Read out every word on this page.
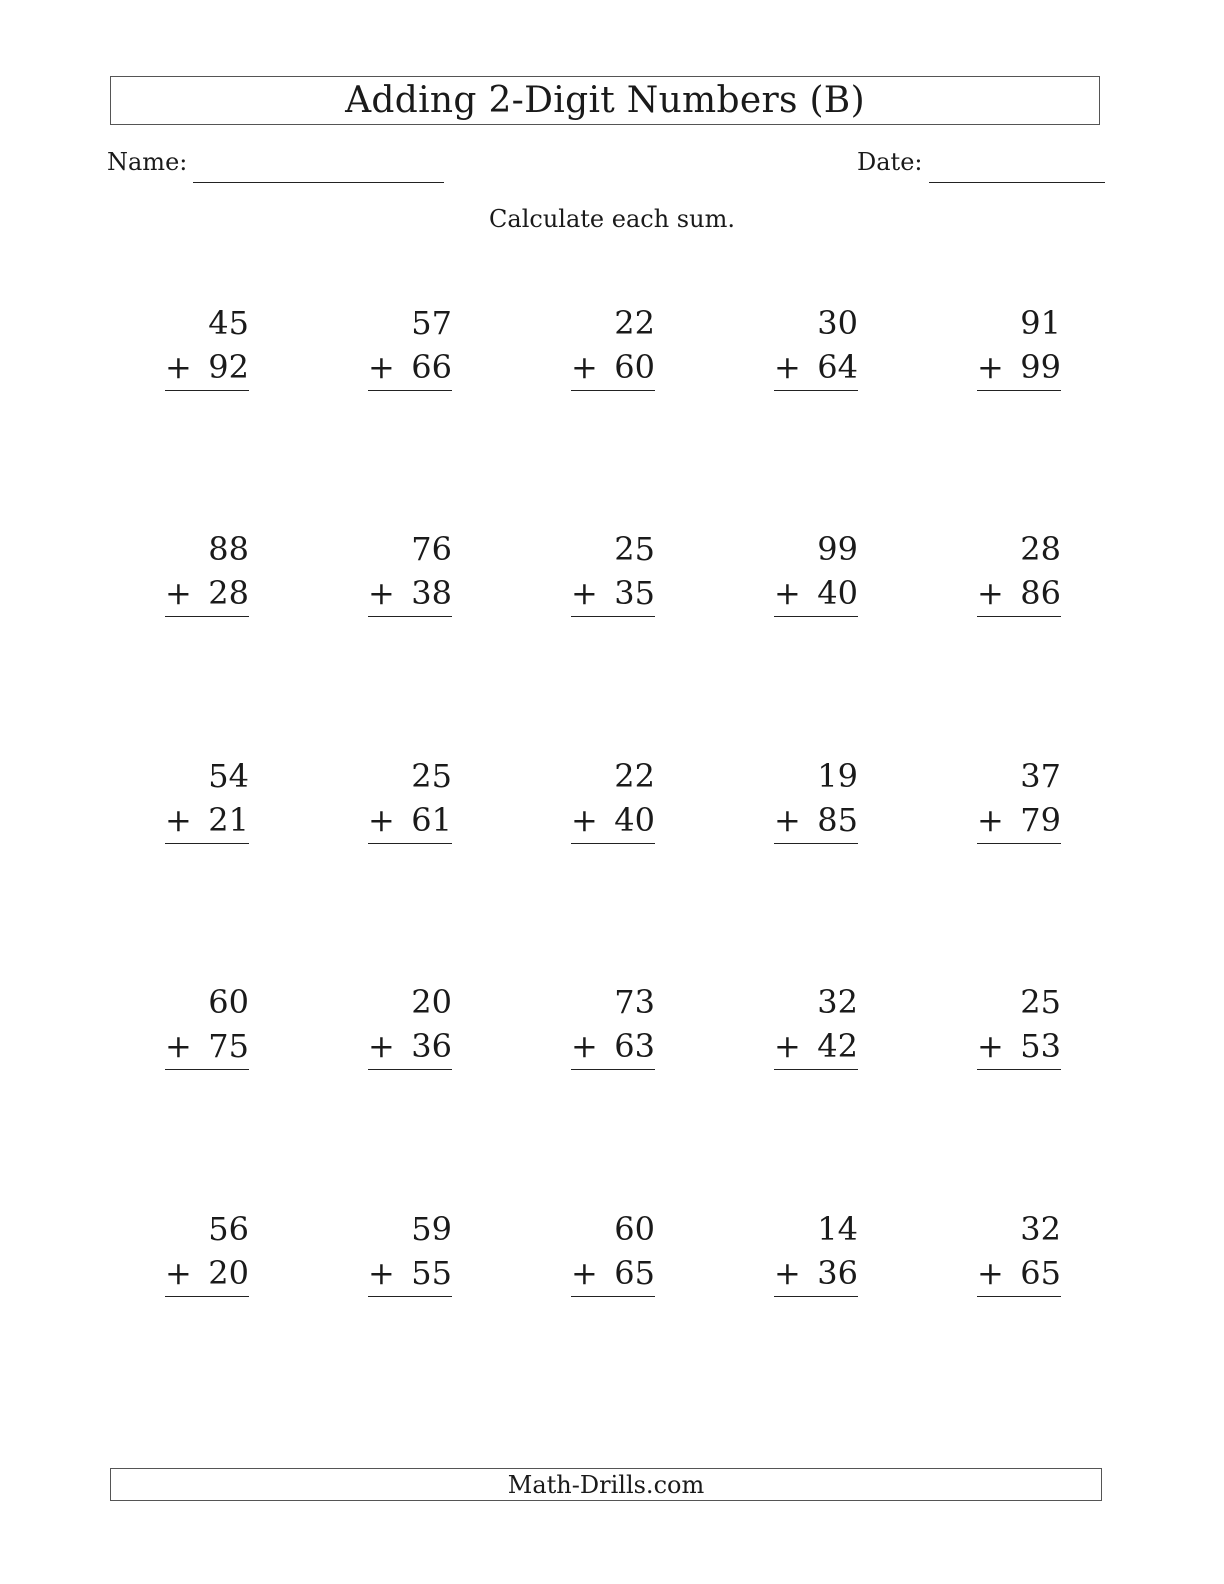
Adding 2-Digit Numbers (B)
Name:	Date:
Calculate each sum.
45
+ 92
57
+ 66
22
+ 60
30
+ 64
91
+ 99
88
+ 28
76
+ 38
25
+ 35
99
+ 40
28
+ 86
54
+ 21
25
+ 61
22
+ 40
19
+ 85
37
+ 79
60
+ 75
20
+ 36
73
+ 63
32
+ 42
25
+ 53
56
+ 20
59
+ 55
60
+ 65
14
+ 36
32
+ 65
Math-Drills.com
